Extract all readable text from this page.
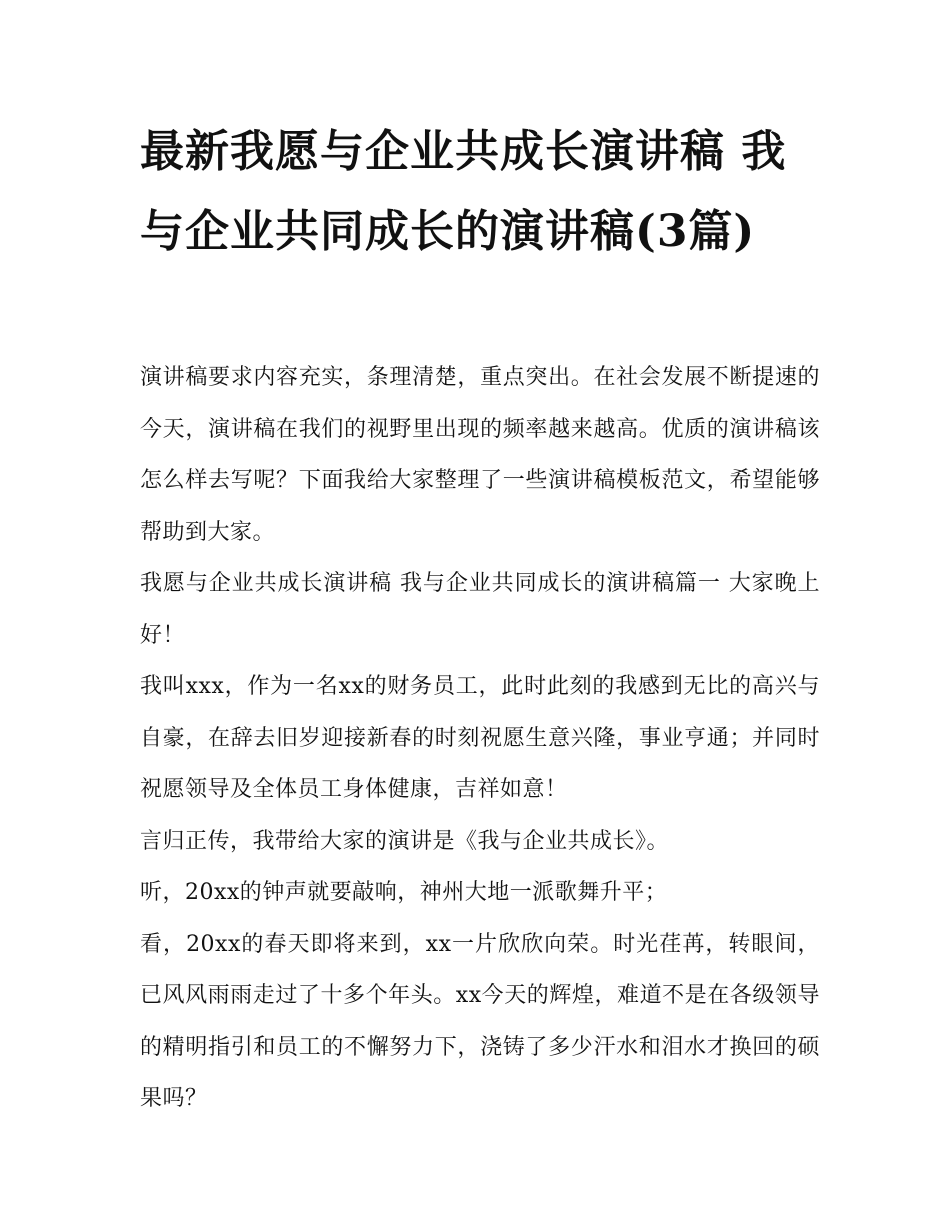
最新我愿与企业共成长演讲稿 我与企业共同成长的演讲稿(3篇)

演讲稿要求内容充实，条理清楚，重点突出。在社会发展不断提速的今天，演讲稿在我们的视野里出现的频率越来越高。优质的演讲稿该怎么样去写呢？下面我给大家整理了一些演讲稿模板范文，希望能够帮助到大家。

我愿与企业共成长演讲稿 我与企业共同成长的演讲稿篇一 大家晚上好！

我叫xxx，作为一名xx的财务员工，此时此刻的我感到无比的高兴与自豪，在辞去旧岁迎接新春的时刻祝愿生意兴隆，事业亨通；并同时祝愿领导及全体员工身体健康，吉祥如意！

言归正传，我带给大家的演讲是《我与企业共成长》。

听，20xx的钟声就要敲响，神州大地一派歌舞升平；

看，20xx的春天即将来到，xx一片欣欣向荣。时光荏苒，转眼间，已风风雨雨走过了十多个年头。xx今天的辉煌，难道不是在各级领导的精明指引和员工的不懈努力下，浇铸了多少汗水和泪水才换回的硕果吗？
